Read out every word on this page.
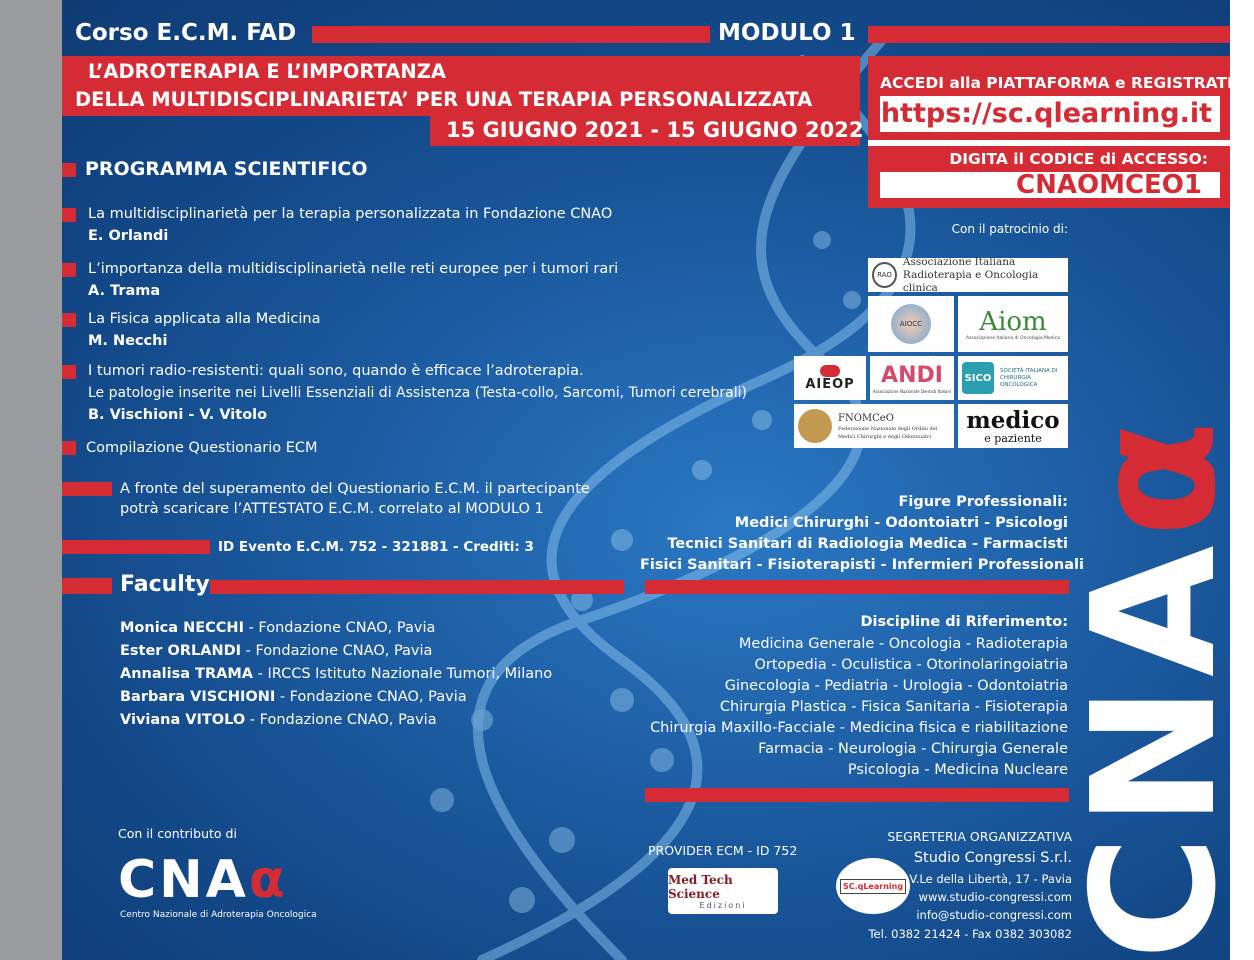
Corso E.C.M. FAD	MODULO 1
L’ADROTERAPIA E L’IMPORTANZA
DELLA MULTIDISCIPLINARIETA’ PER UNA TERAPIA PERSONALIZZATA
15 GIUGNO 2021 - 15 GIUGNO 2022
ACCEDI alla PIATTAFORMA e REGISTRATI:
https://sc.qlearning.it
DIGITA il CODICE di ACCESSO:
CNAOMCEO1
PROGRAMMA SCIENTIFICO
La multidisciplinarietà per la terapia personalizzata in Fondazione CNAO
E. Orlandi
L’importanza della multidisciplinarietà nelle reti europee per i tumori rari
A. Trama
La Fisica applicata alla Medicina
M. Necchi
I tumori radio-resistenti: quali sono, quando è efficace l’adroterapia.
Le patologie inserite nei Livelli Essenziali di Assistenza (Testa-collo, Sarcomi, Tumori cerebrali)
B. Vischioni - V. Vitolo
Compilazione Questionario ECM
A fronte del superamento del Questionario E.C.M. il partecipante
potrà scaricare l’ATTESTATO E.C.M. correlato al MODULO 1
ID Evento E.C.M. 752 - 321881 - Crediti: 3
Faculty
Monica NECCHI - Fondazione CNAO, Pavia
Ester ORLANDI - Fondazione CNAO, Pavia
Annalisa TRAMA - IRCCS Istituto Nazionale Tumori, Milano
Barbara VISCHIONI - Fondazione CNAO, Pavia
Viviana VITOLO - Fondazione CNAO, Pavia
Con il patrocinio di:
RAO
Associazione Italiana
Radioterapia e Oncologia clinica
AIOCC	Aiom
Associazione Italiana di Oncologia Medica
AIEOP ANDI
Associazione Nazionale Dentisti Italiani
SICO
SOCIETÀ ITALIANA DI CHIRURGIA ONCOLOGICA
FNOMCeO
Federazione Nazionale degli Ordini dei Medici Chirurghi e degli Odontoiatri
medico
e paziente
Figure Professionali:
Medici Chirurghi - Odontoiatri - Psicologi
Tecnici Sanitari di Radiologia Medica - Farmacisti
Fisici Sanitari - Fisioterapisti - Infermieri Professionali
Discipline di Riferimento:
Medicina Generale - Oncologia - Radioterapia
Ortopedia - Oculistica - Otorinolaringoiatria
Ginecologia - Pediatria - Urologia - Odontoiatria
Chirurgia Plastica - Fisica Sanitaria - Fisioterapia
Chirurgia Maxillo-Facciale - Medicina fisica e riabilitazione
Farmacia - Neurologia - Chirurgia Generale
Psicologia - Medicina Nucleare
CNAα
Con il contributo di
CNAα
Centro Nazionale di Adroterapia Oncologica
PROVIDER ECM - ID 752
Med Tech Science
Edizioni
SC.qLearning
SEGRETERIA ORGANIZZATIVA
Studio Congressi S.r.l.
V.Le della Libertà, 17 - Pavia
www.studio-congressi.com
info@studio-congressi.com
Tel. 0382 21424 - Fax 0382 303082
